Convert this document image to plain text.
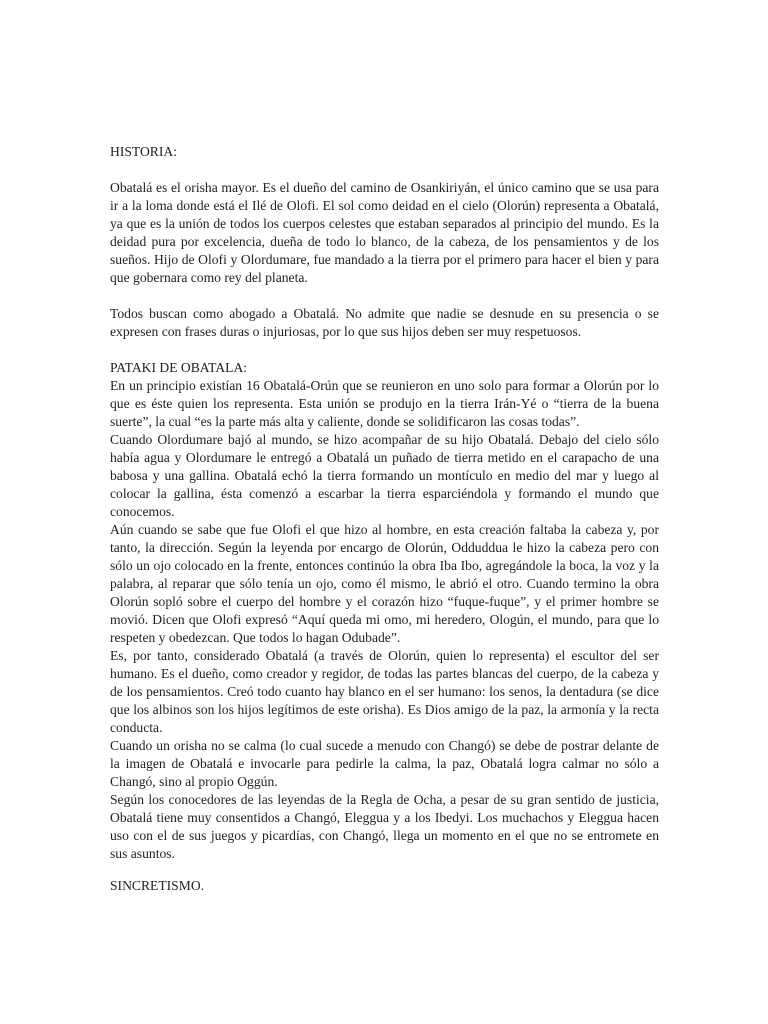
HISTORIA:

Obatalá es el orisha mayor. Es el dueño del camino de Osankiriyán, el único camino que se usa para ir a la loma donde está el Ilé de Olofi. El sol como deidad en el cielo (Olorún) representa a Obatalá, ya que es la unión de todos los cuerpos celestes que estaban separados al principio del mundo. Es la deidad pura por excelencia, dueña de todo lo blanco, de la cabeza, de los pensamientos y de los sueños. Hijo de Olofi y Olordumare, fue mandado a la tierra por el primero para hacer el bien y para que gobernara como rey del planeta.

Todos buscan como abogado a Obatalá. No admite que nadie se desnude en su presencia o se expresen con frases duras o injuriosas, por lo que sus hijos deben ser muy respetuosos.

PATAKI DE OBATALA:

En un principio existían 16 Obatalá-Orún que se reunieron en uno solo para formar a Olorún por lo que es éste quien los representa. Esta unión se produjo en la tierra Irán-Yé o “tierra de la buena suerte”, la cual “es la parte más alta y caliente, donde se solidificaron las cosas todas”.

Cuando Olordumare bajó al mundo, se hizo acompañar de su hijo Obatalá. Debajo del cielo sólo había agua y Olordumare le entregó a Obatalá un puñado de tierra metido en el carapacho de una babosa y una gallina. Obatalá echó la tierra formando un montículo en medio del mar y luego al colocar la gallina, ésta comenzó a escarbar la tierra esparciéndola y formando el mundo que conocemos.

Aún cuando se sabe que fue Olofi el que hizo al hombre, en esta creación faltaba la cabeza y, por tanto, la dirección. Según la leyenda por encargo de Olorún, Odduddua le hizo la cabeza pero con sólo un ojo colocado en la frente, entonces continúo la obra Iba Ibo, agregándole la boca, la voz y la palabra, al reparar que sólo tenía un ojo, como él mismo, le abrió el otro. Cuando termino la obra Olorún sopló sobre el cuerpo del hombre y el corazón hizo “fuque-fuque”, y el primer hombre se movió. Dicen que Olofi expresó “Aquí queda mi omo, mi heredero, Ologún, el mundo, para que lo respeten y obedezcan. Que todos lo hagan Odubade”.

Es, por tanto, considerado Obatalá (a través de Olorún, quien lo representa) el escultor del ser humano. Es el dueño, como creador y regidor, de todas las partes blancas del cuerpo, de la cabeza y de los pensamientos. Creó todo cuanto hay blanco en el ser humano: los senos, la dentadura (se dice que los albinos son los hijos legítimos de este orisha). Es Dios amigo de la paz, la armonía y la recta conducta.

Cuando un orisha no se calma (lo cual sucede a menudo con Changó) se debe de postrar delante de la imagen de Obatalá e invocarle para pedirle la calma, la paz, Obatalá logra calmar no sólo a Changó, sino al propio Oggún.

Según los conocedores de las leyendas de la Regla de Ocha, a pesar de su gran sentido de justicia, Obatalá tiene muy consentidos a Changó, Eleggua y a los Ibedyi. Los muchachos y Eleggua hacen uso con el de sus juegos y picardías, con Changó, llega un momento en el que no se entromete en sus asuntos.

SINCRETISMO.
